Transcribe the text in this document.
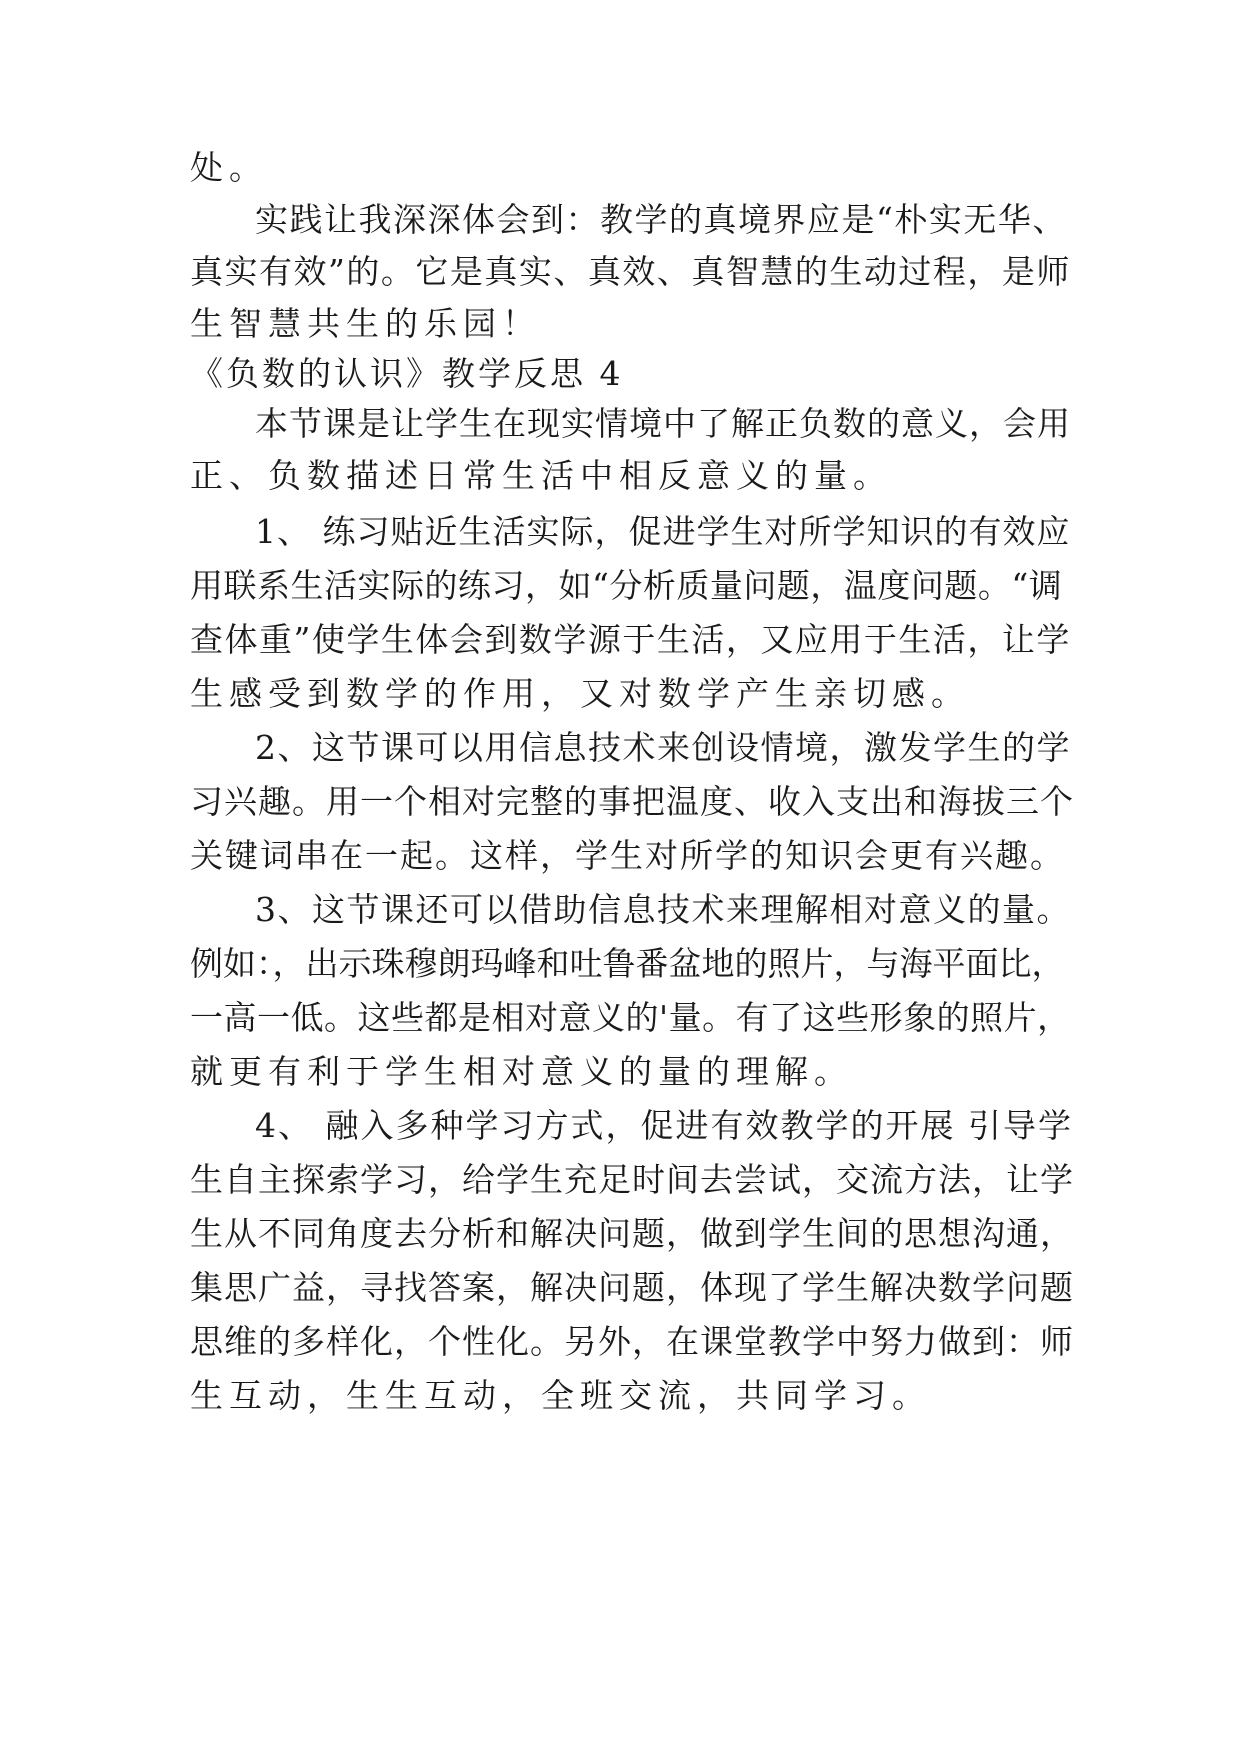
处。
实践让我深深体会到：教学的真境界应是“朴实无华、
真实有效”的。它是真实、真效、真智慧的生动过程，是师
生智慧共生的乐园！
《负数的认识》教学反思 4
本节课是让学生在现实情境中了解正负数的意义，会用
正、负数描述日常生活中相反意义的量。
1、 练习贴近生活实际，促进学生对所学知识的有效应
用联系生活实际的练习，如“分析质量问题，温度问题。“调
查体重”使学生体会到数学源于生活，又应用于生活，让学
生感受到数学的作用，又对数学产生亲切感。
2、这节课可以用信息技术来创设情境，激发学生的学
习兴趣。用一个相对完整的事把温度、收入支出和海拔三个
关键词串在一起。这样，学生对所学的知识会更有兴趣。
3、这节课还可以借助信息技术来理解相对意义的量。
例如：，出示珠穆朗玛峰和吐鲁番盆地的照片，与海平面比，
一高一低。这些都是相对意义的'量。有了这些形象的照片，
就更有利于学生相对意义的量的理解。
4、 融入多种学习方式，促进有效教学的开展 引导学
生自主探索学习，给学生充足时间去尝试，交流方法，让学
生从不同角度去分析和解决问题，做到学生间的思想沟通，
集思广益，寻找答案，解决问题，体现了学生解决数学问题
思维的多样化，个性化。另外，在课堂教学中努力做到：师
生互动，生生互动，全班交流，共同学习。
